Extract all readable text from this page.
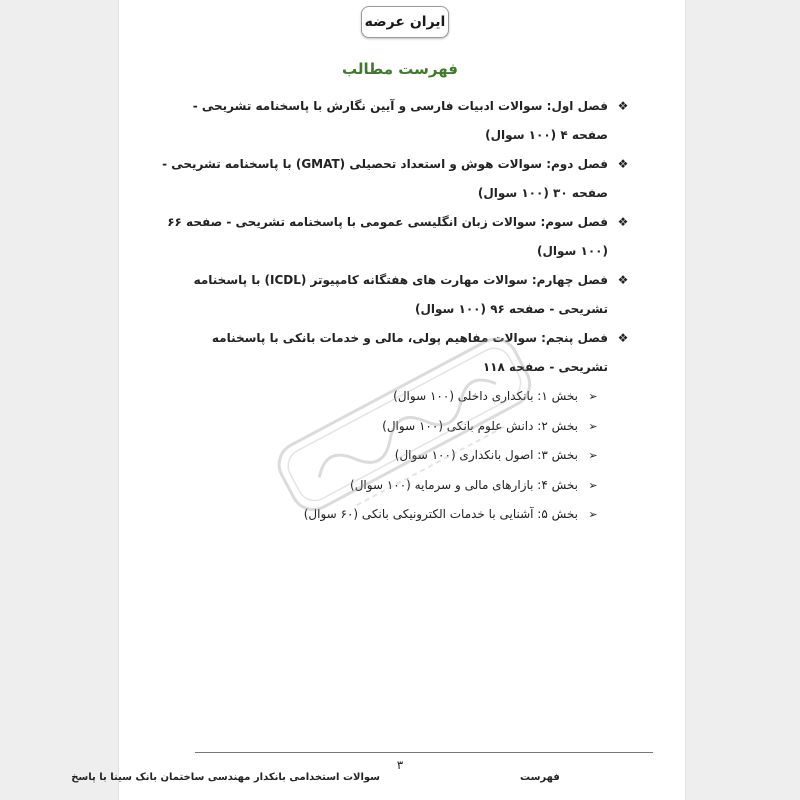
ایران عرضه
فهرست مطالب
❖
فصل اول: سوالات ادبیات فارسی و آیین نگارش با پاسخنامه تشریحی - صفحه ۴ (۱۰۰ سوال)
❖
فصل دوم: سوالات هوش و استعداد تحصیلی (GMAT) با پاسخنامه تشریحی - صفحه ۳۰ (۱۰۰ سوال)
❖
فصل سوم: سوالات زبان انگلیسی عمومی با پاسخنامه تشریحی - صفحه ۶۶ (۱۰۰ سوال)
❖
فصل چهارم: سوالات مهارت های هفتگانه کامپیوتر (ICDL) با پاسخنامه تشریحی - صفحه ۹۶ (۱۰۰ سوال)
❖
فصل پنجم: سوالات مفاهیم پولی، مالی و خدمات بانکی با پاسخنامه تشریحی - صفحه ۱۱۸
➢
بخش ۱: بانکداری داخلی (۱۰۰ سوال)
➢
بخش ۲: دانش علوم بانکی (۱۰۰ سوال)
➢
بخش ۳: اصول بانکداری (۱۰۰ سوال)
➢
بخش ۴: بازارهای مالی و سرمایه (۱۰۰ سوال)
➢
بخش ۵: آشنایی با خدمات الکترونیکی بانکی (۶۰ سوال)
۳
فهرست
سوالات استخدامی بانکدار مهندسی ساختمان بانک سینا با پاسخ
